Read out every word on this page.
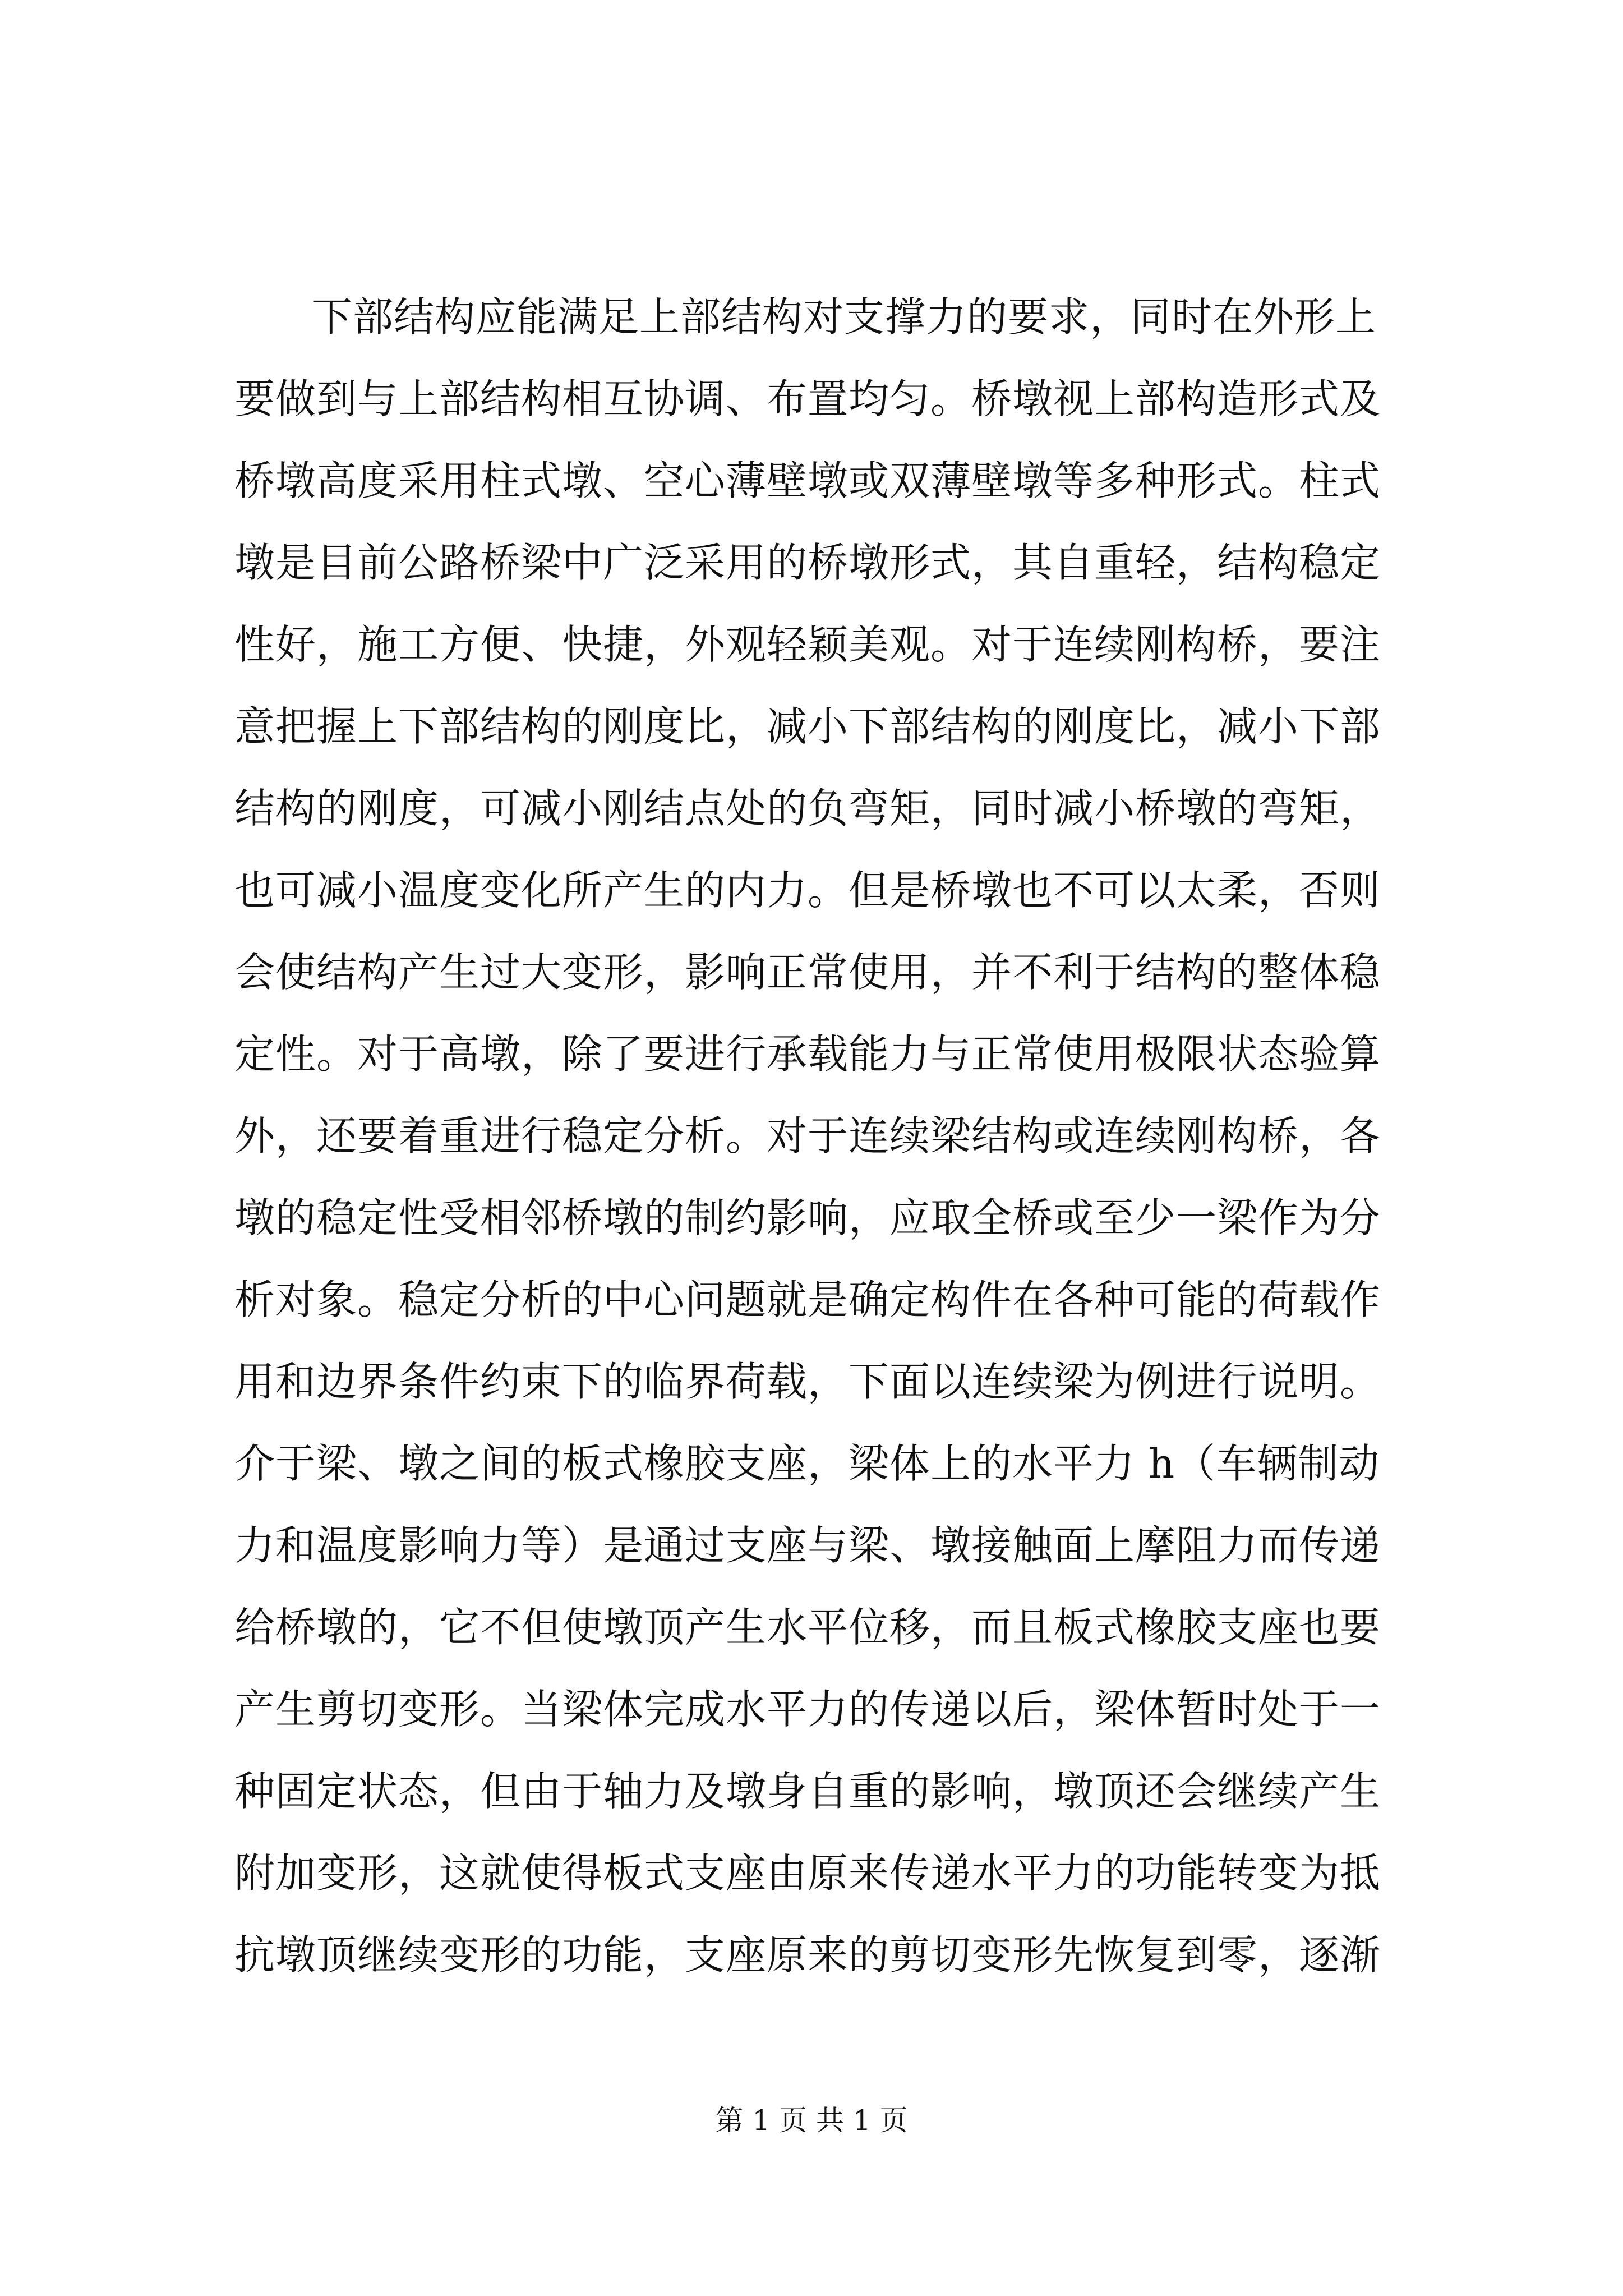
下部结构应能满足上部结构对支撑力的要求，同时在外形上
要做到与上部结构相互协调、布置均匀。桥墩视上部构造形式及
桥墩高度采用柱式墩、空心薄壁墩或双薄壁墩等多种形式。柱式
墩是目前公路桥梁中广泛采用的桥墩形式，其自重轻，结构稳定
性好，施工方便、快捷，外观轻颖美观。对于连续刚构桥，要注
意把握上下部结构的刚度比，减小下部结构的刚度比，减小下部
结构的刚度，可减小刚结点处的负弯矩，同时减小桥墩的弯矩，
也可减小温度变化所产生的内力。但是桥墩也不可以太柔，否则
会使结构产生过大变形，影响正常使用，并不利于结构的整体稳
定性。对于高墩，除了要进行承载能力与正常使用极限状态验算
外，还要着重进行稳定分析。对于连续梁结构或连续刚构桥，各
墩的稳定性受相邻桥墩的制约影响，应取全桥或至少一梁作为分
析对象。稳定分析的中心问题就是确定构件在各种可能的荷载作
用和边界条件约束下的临界荷载，下面以连续梁为例进行说明。
介于梁、墩之间的板式橡胶支座，梁体上的水平力 h（车辆制动
力和温度影响力等）是通过支座与梁、墩接触面上摩阻力而传递
给桥墩的，它不但使墩顶产生水平位移，而且板式橡胶支座也要
产生剪切变形。当梁体完成水平力的传递以后，梁体暂时处于一
种固定状态，但由于轴力及墩身自重的影响，墩顶还会继续产生
附加变形，这就使得板式支座由原来传递水平力的功能转变为抵
抗墩顶继续变形的功能，支座原来的剪切变形先恢复到零，逐渐
第 1 页 共 1 页
